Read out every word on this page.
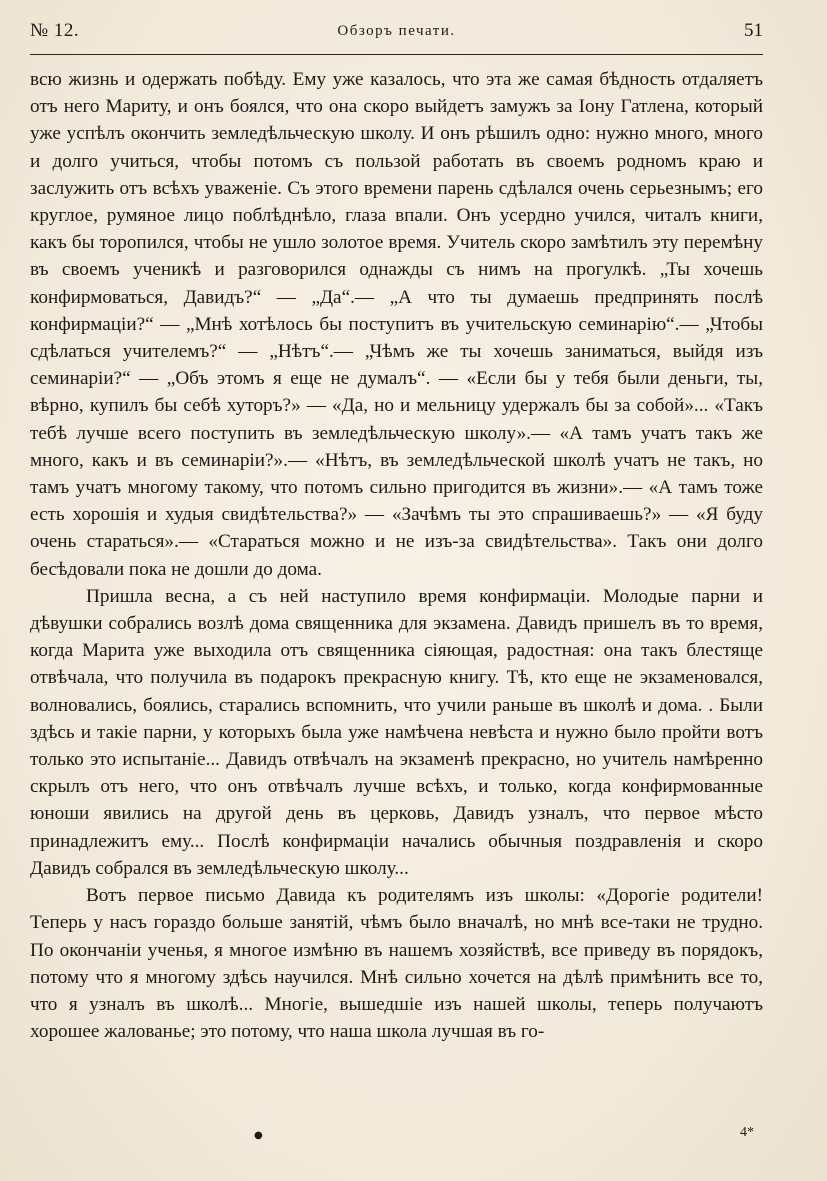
№ 12.	Обзоръ печати.	51

всю жизнь и одержать побѣду. Ему уже казалось, что эта же самая бѣдность отдаляетъ отъ него Мариту, и онъ боялся, что она скоро выйдетъ замужъ за Іону Гатлена, который уже успѣлъ окончить земледѣльческую школу. И онъ рѣшилъ одно: нужно много, много и долго учиться, чтобы потомъ съ пользой работать въ своемъ родномъ краю и заслужить отъ всѣхъ уваженіе. Съ этого времени парень сдѣлался очень серьезнымъ; его круглое, румяное лицо поблѣднѣло, глаза впали. Онъ усердно учился, читалъ книги, какъ бы торопился, чтобы не ушло золотое время. Учитель скоро замѣтилъ эту перемѣну въ своемъ ученикѣ и разговорился однажды съ нимъ на прогулкѣ. „Ты хочешь конфирмоваться, Давидъ?“ — „Да“.— „А что ты думаешь предпринять послѣ конфирмаціи?“ — „Мнѣ хотѣлось бы поступитъ въ учительскую семинарію“.— „Чтобы сдѣлаться учителемъ?“ — „Нѣтъ“.— „Чѣмъ же ты хочешь заниматься, выйдя изъ семинаріи?“ — „Объ этомъ я еще не думалъ“. — «Если бы у тебя были деньги, ты, вѣрно, купилъ бы себѣ хуторъ?» — «Да, но и мельницу удержалъ бы за собой»... «Такъ тебѣ лучше всего поступить въ земледѣльческую школу».— «А тамъ учатъ такъ же много, какъ и въ семинаріи?».— «Нѣтъ, въ земледѣльческой школѣ учатъ не такъ, но тамъ учатъ многому такому, что потомъ сильно пригодится въ жизни».— «А тамъ тоже есть хорошія и худыя свидѣтельства?» — «Зачѣмъ ты это спрашиваешь?» — «Я буду очень стараться».— «Стараться можно и не изъ-за свидѣтельства». Такъ они долго бесѣдовали пока не дошли до дома.

Пришла весна, а съ ней наступило время конфирмаціи. Молодые парни и дѣвушки собрались возлѣ дома священника для экзамена. Давидъ пришелъ въ то время, когда Марита уже выходила отъ священника сіяющая, радостная: она такъ блестяще отвѣчала, что получила въ подарокъ прекрасную книгу. Тѣ, кто еще не экзаменовался, волновались, боялись, старались вспомнить, что учили раньше въ школѣ и дома. . Были здѣсь и такіе парни, у которыхъ была уже намѣчена невѣста и нужно было пройти вотъ только это испытаніе... Давидъ отвѣчалъ на экзаменѣ прекрасно, но учитель намѣренно скрылъ отъ него, что онъ отвѣчалъ лучше всѣхъ, и только, когда конфирмованные юноши явились на другой день въ церковь, Давидъ узналъ, что первое мѣсто принадлежитъ ему... Послѣ конфирмаціи начались обычныя поздравленія и скоро Давидъ собрался въ земледѣльческую школу...

Вотъ первое письмо Давида къ родителямъ изъ школы: «Дорогіе родители! Теперь у насъ гораздо больше занятій, чѣмъ было вначалѣ, но мнѣ все-таки не трудно. По окончаніи ученья, я многое измѣню въ нашемъ хозяйствѣ, все приведу въ порядокъ, потому что я многому здѣсь научился. Мнѣ сильно хочется на дѣлѣ примѣнить все то, что я узналъ въ школѣ... Многіе, вышедшіе изъ нашей школы, теперь получаютъ хорошее жалованье; это потому, что наша школа лучшая въ го-

●	4*
